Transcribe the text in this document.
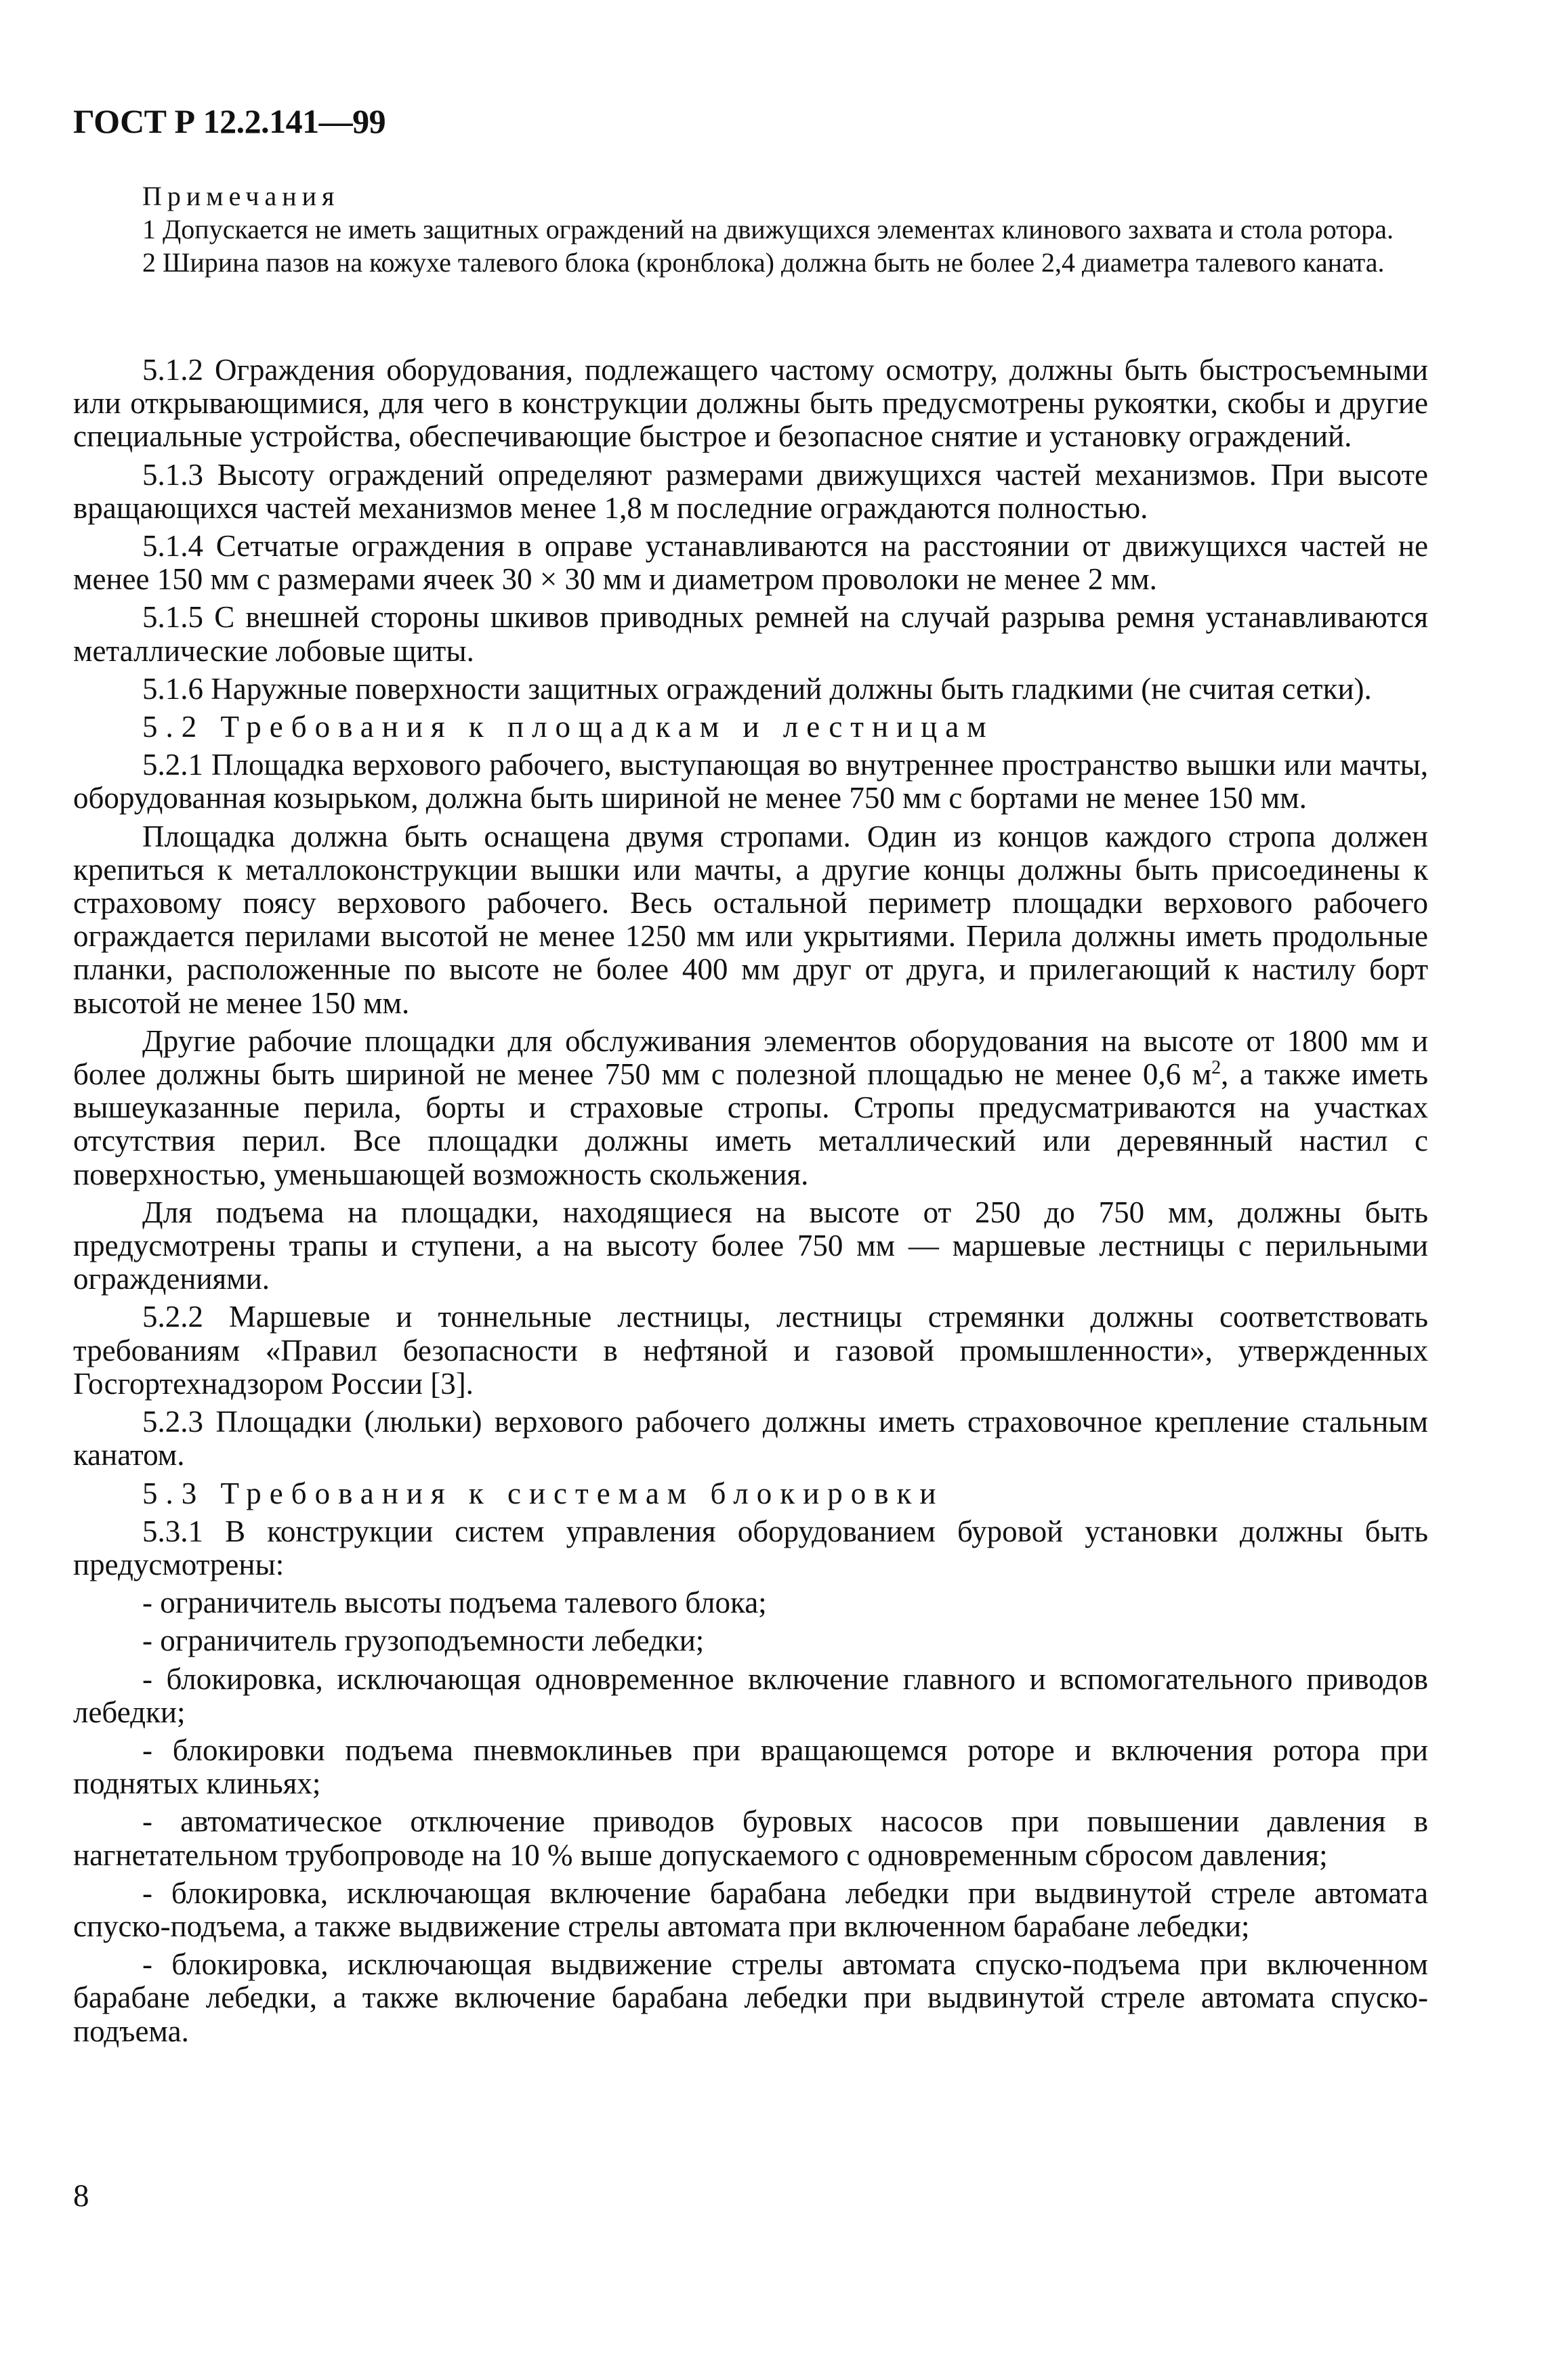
ГОСТ Р 12.2.141—99
Примечания
1 Допускается не иметь защитных ограждений на движущихся элементах клинового захвата и стола ротора.
2 Ширина пазов на кожухе талевого блока (кронблока) должна быть не более 2,4 диаметра талевого каната.

5.1.2 Ограждения оборудования, подлежащего частому осмотру, должны быть быстросъемными или открывающимися, для чего в конструкции должны быть предусмотрены рукоятки, скобы и другие специальные устройства, обеспечивающие быстрое и безопасное снятие и установку ограждений.

5.1.3 Высоту ограждений определяют размерами движущихся частей механизмов. При высоте вращающихся частей механизмов менее 1,8 м последние ограждаются полностью.

5.1.4 Сетчатые ограждения в оправе устанавливаются на расстоянии от движущихся частей не менее 150 мм с размерами ячеек 30 × 30 мм и диаметром проволоки не менее 2 мм.

5.1.5 С внешней стороны шкивов приводных ремней на случай разрыва ремня устанавливаются металлические лобовые щиты.

5.1.6 Наружные поверхности защитных ограждений должны быть гладкими (не считая сетки).

5.2 Требования к площадкам и лестницам

5.2.1 Площадка верхового рабочего, выступающая во внутреннее пространство вышки или мачты, оборудованная козырьком, должна быть шириной не менее 750 мм с бортами не менее 150 мм.

Площадка должна быть оснащена двумя стропами. Один из концов каждого стропа должен крепиться к металлоконструкции вышки или мачты, а другие концы должны быть присоединены к страховому поясу верхового рабочего. Весь остальной периметр площадки верхового рабочего ограждается перилами высотой не менее 1250 мм или укрытиями. Перила должны иметь продольные планки, расположенные по высоте не более 400 мм друг от друга, и прилегающий к настилу борт высотой не менее 150 мм.

Другие рабочие площадки для обслуживания элементов оборудования на высоте от 1800 мм и более должны быть шириной не менее 750 мм с полезной площадью не менее 0,6 $м^2$, а также иметь вышеуказанные перила, борты и страховые стропы. Стропы предусматриваются на участках отсутствия перил. Все площадки должны иметь металлический или деревянный настил с поверхностью, уменьшающей возможность скольжения.

Для подъема на площадки, находящиеся на высоте от 250 до 750 мм, должны быть предусмотрены трапы и ступени, а на высоту более 750 мм — маршевые лестницы с перильными ограждениями.

5.2.2 Маршевые и тоннельные лестницы, лестницы стремянки должны соответствовать требованиям «Правил безопасности в нефтяной и газовой промышленности», утвержденных Госгортехнадзором России [3].

5.2.3 Площадки (люльки) верхового рабочего должны иметь страховочное крепление стальным канатом.

5.3 Требования к системам блокировки

5.3.1 В конструкции систем управления оборудованием буровой установки должны быть предусмотрены:

- ограничитель высоты подъема талевого блока;

- ограничитель грузоподъемности лебедки;

- блокировка, исключающая одновременное включение главного и вспомогательного приводов лебедки;

- блокировки подъема пневмоклиньев при вращающемся роторе и включения ротора при поднятых клиньях;

- автоматическое отключение приводов буровых насосов при повышении давления в нагнетательном трубопроводе на 10 % выше допускаемого с одновременным сбросом давления;

- блокировка, исключающая включение барабана лебедки при выдвинутой стреле автомата спуско-подъема, а также выдвижение стрелы автомата при включенном барабане лебедки;

- блокировка, исключающая выдвижение стрелы автомата спуско-подъема при включенном барабане лебедки, а также включение барабана лебедки при выдвинутой стреле автомата спуско-подъема.

8
